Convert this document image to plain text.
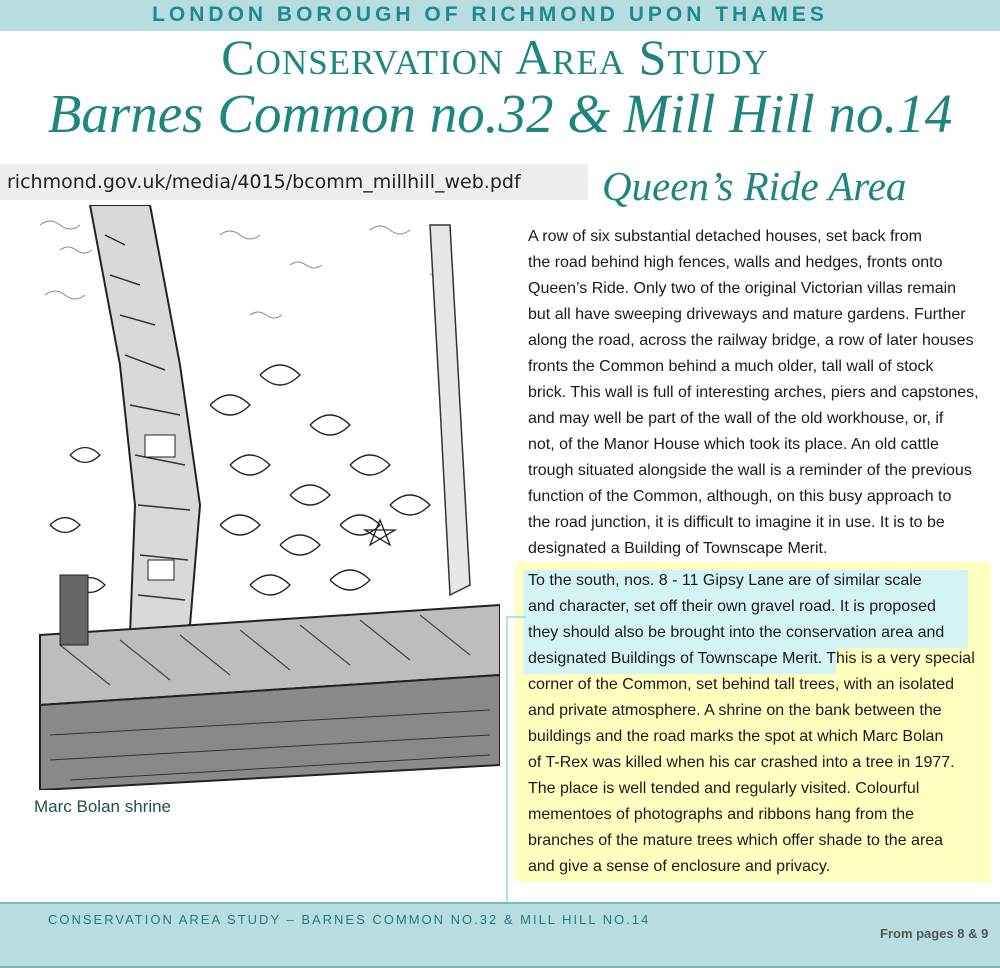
LONDON BOROUGH OF RICHMOND UPON THAMES
Conservation Area Study
Barnes Common no.32 & Mill Hill no.14
richmond.gov.uk/media/4015/bcomm_millhill_web.pdf
Marc Bolan shrine
Queen’s Ride Area
A row of six substantial detached houses, set back from
the road behind high fences, walls and hedges, fronts onto
Queen’s Ride. Only two of the original Victorian villas remain
but all have sweeping driveways and mature gardens. Further
along the road, across the railway bridge, a row of later houses
fronts the Common behind a much older, tall wall of stock
brick. This wall is full of interesting arches, piers and capstones,
and may well be part of the wall of the old workhouse, or, if
not, of the Manor House which took its place. An old cattle
trough situated alongside the wall is a reminder of the previous
function of the Common, although, on this busy approach to
the road junction, it is difficult to imagine it in use. It is to be
designated a Building of Townscape Merit.
To the south, nos. 8 - 11 Gipsy Lane are of similar scale
and character, set off their own gravel road. It is proposed
they should also be brought into the conservation area and
designated Buildings of Townscape Merit. This is a very special
corner of the Common, set behind tall trees, with an isolated
and private atmosphere. A shrine on the bank between the
buildings and the road marks the spot at which Marc Bolan
of T-Rex was killed when his car crashed into a tree in 1977.
The place is well tended and regularly visited. Colourful
mementoes of photographs and ribbons hang from the
branches of the mature trees which offer shade to the area
and give a sense of enclosure and privacy.
CONSERVATION AREA STUDY – BARNES COMMON NO.32 & MILL HILL NO.14
From pages 8 & 9
